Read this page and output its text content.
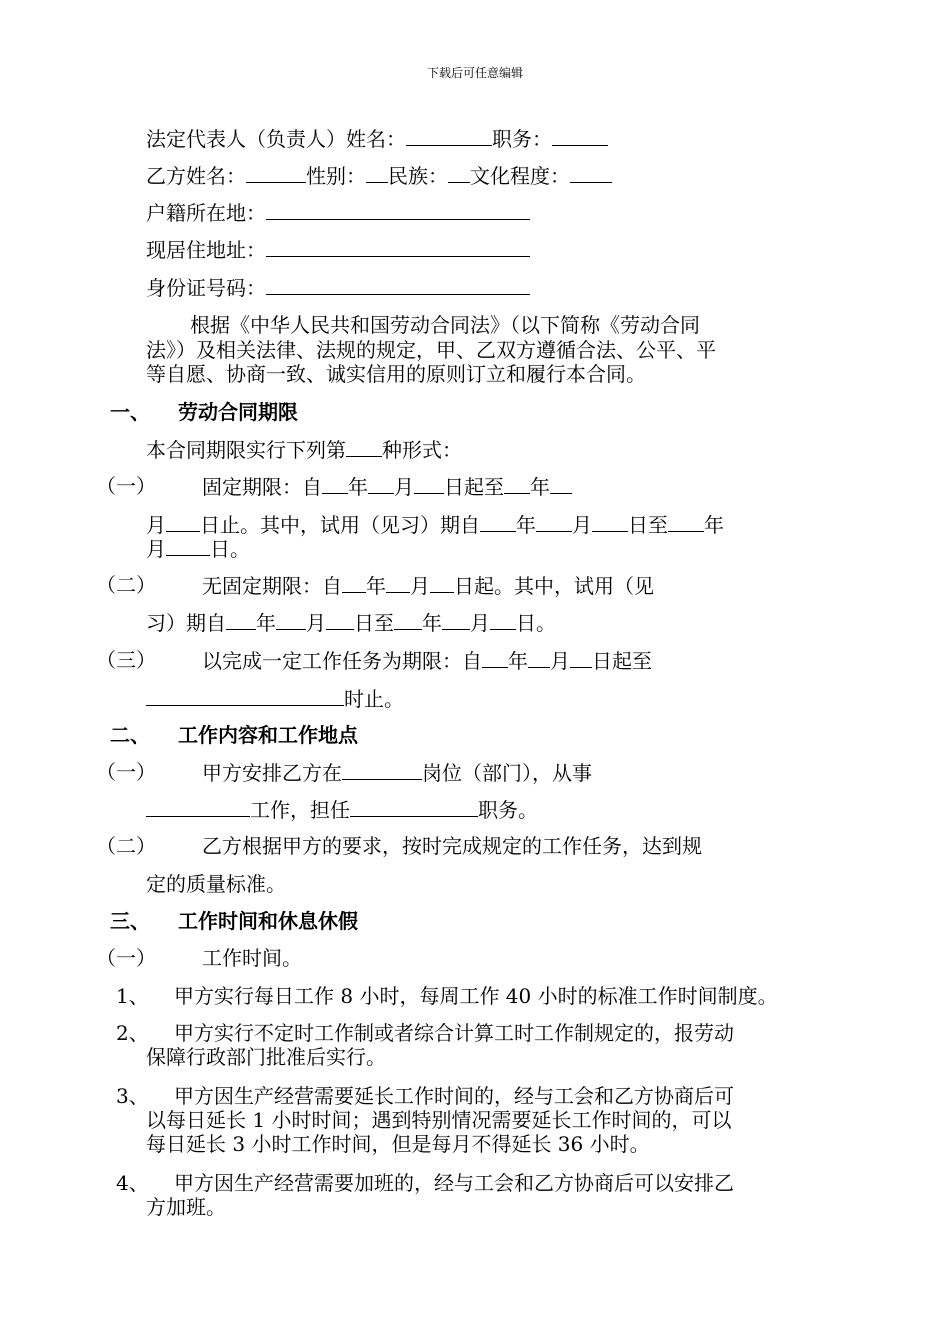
下载后可任意编辑
法定代表人（负责人）姓名：	职务：
乙方姓名：	性别： 民族： 文化程度：
户籍所在地：
现居住地址：
身份证号码：
根据《中华人民共和国劳动合同法》（以下简称《劳动合同
法》）及相关法律、法规的规定，甲、乙双方遵循合法、公平、平
等自愿、协商一致、诚实信用的原则订立和履行本合同。
一、 劳动合同期限
本合同期限实行下列第 种形式：
（一） 固定期限：自 年 月 日起至 年
月 日止。其中，试用（见习）期自 年 月 日至 年
月 日。
（二） 无固定期限：自 年 月 日起。其中，试用（见
习）期自 年 月 日至 年 月 日。
（三） 以完成一定工作任务为期限：自 年 月 日起至
时止。
二、 工作内容和工作地点
（一） 甲方安排乙方在	岗位（部门），从事
工作，担任	职务。
（二） 乙方根据甲方的要求，按时完成规定的工作任务，达到规
定的质量标准。
三、 工作时间和休息休假
（一） 工作时间。
1、 甲方实行每日工作 8 小时，每周工作 40 小时的标准工作时间制度。
2、 甲方实行不定时工作制或者综合计算工时工作制规定的，报劳动
保障行政部门批准后实行。
3、 甲方因生产经营需要延长工作时间的，经与工会和乙方协商后可
以每日延长 1 小时时间；遇到特别情况需要延长工作时间的，可以
每日延长 3 小时工作时间，但是每月不得延长 36 小时。
4、 甲方因生产经营需要加班的，经与工会和乙方协商后可以安排乙
方加班。
